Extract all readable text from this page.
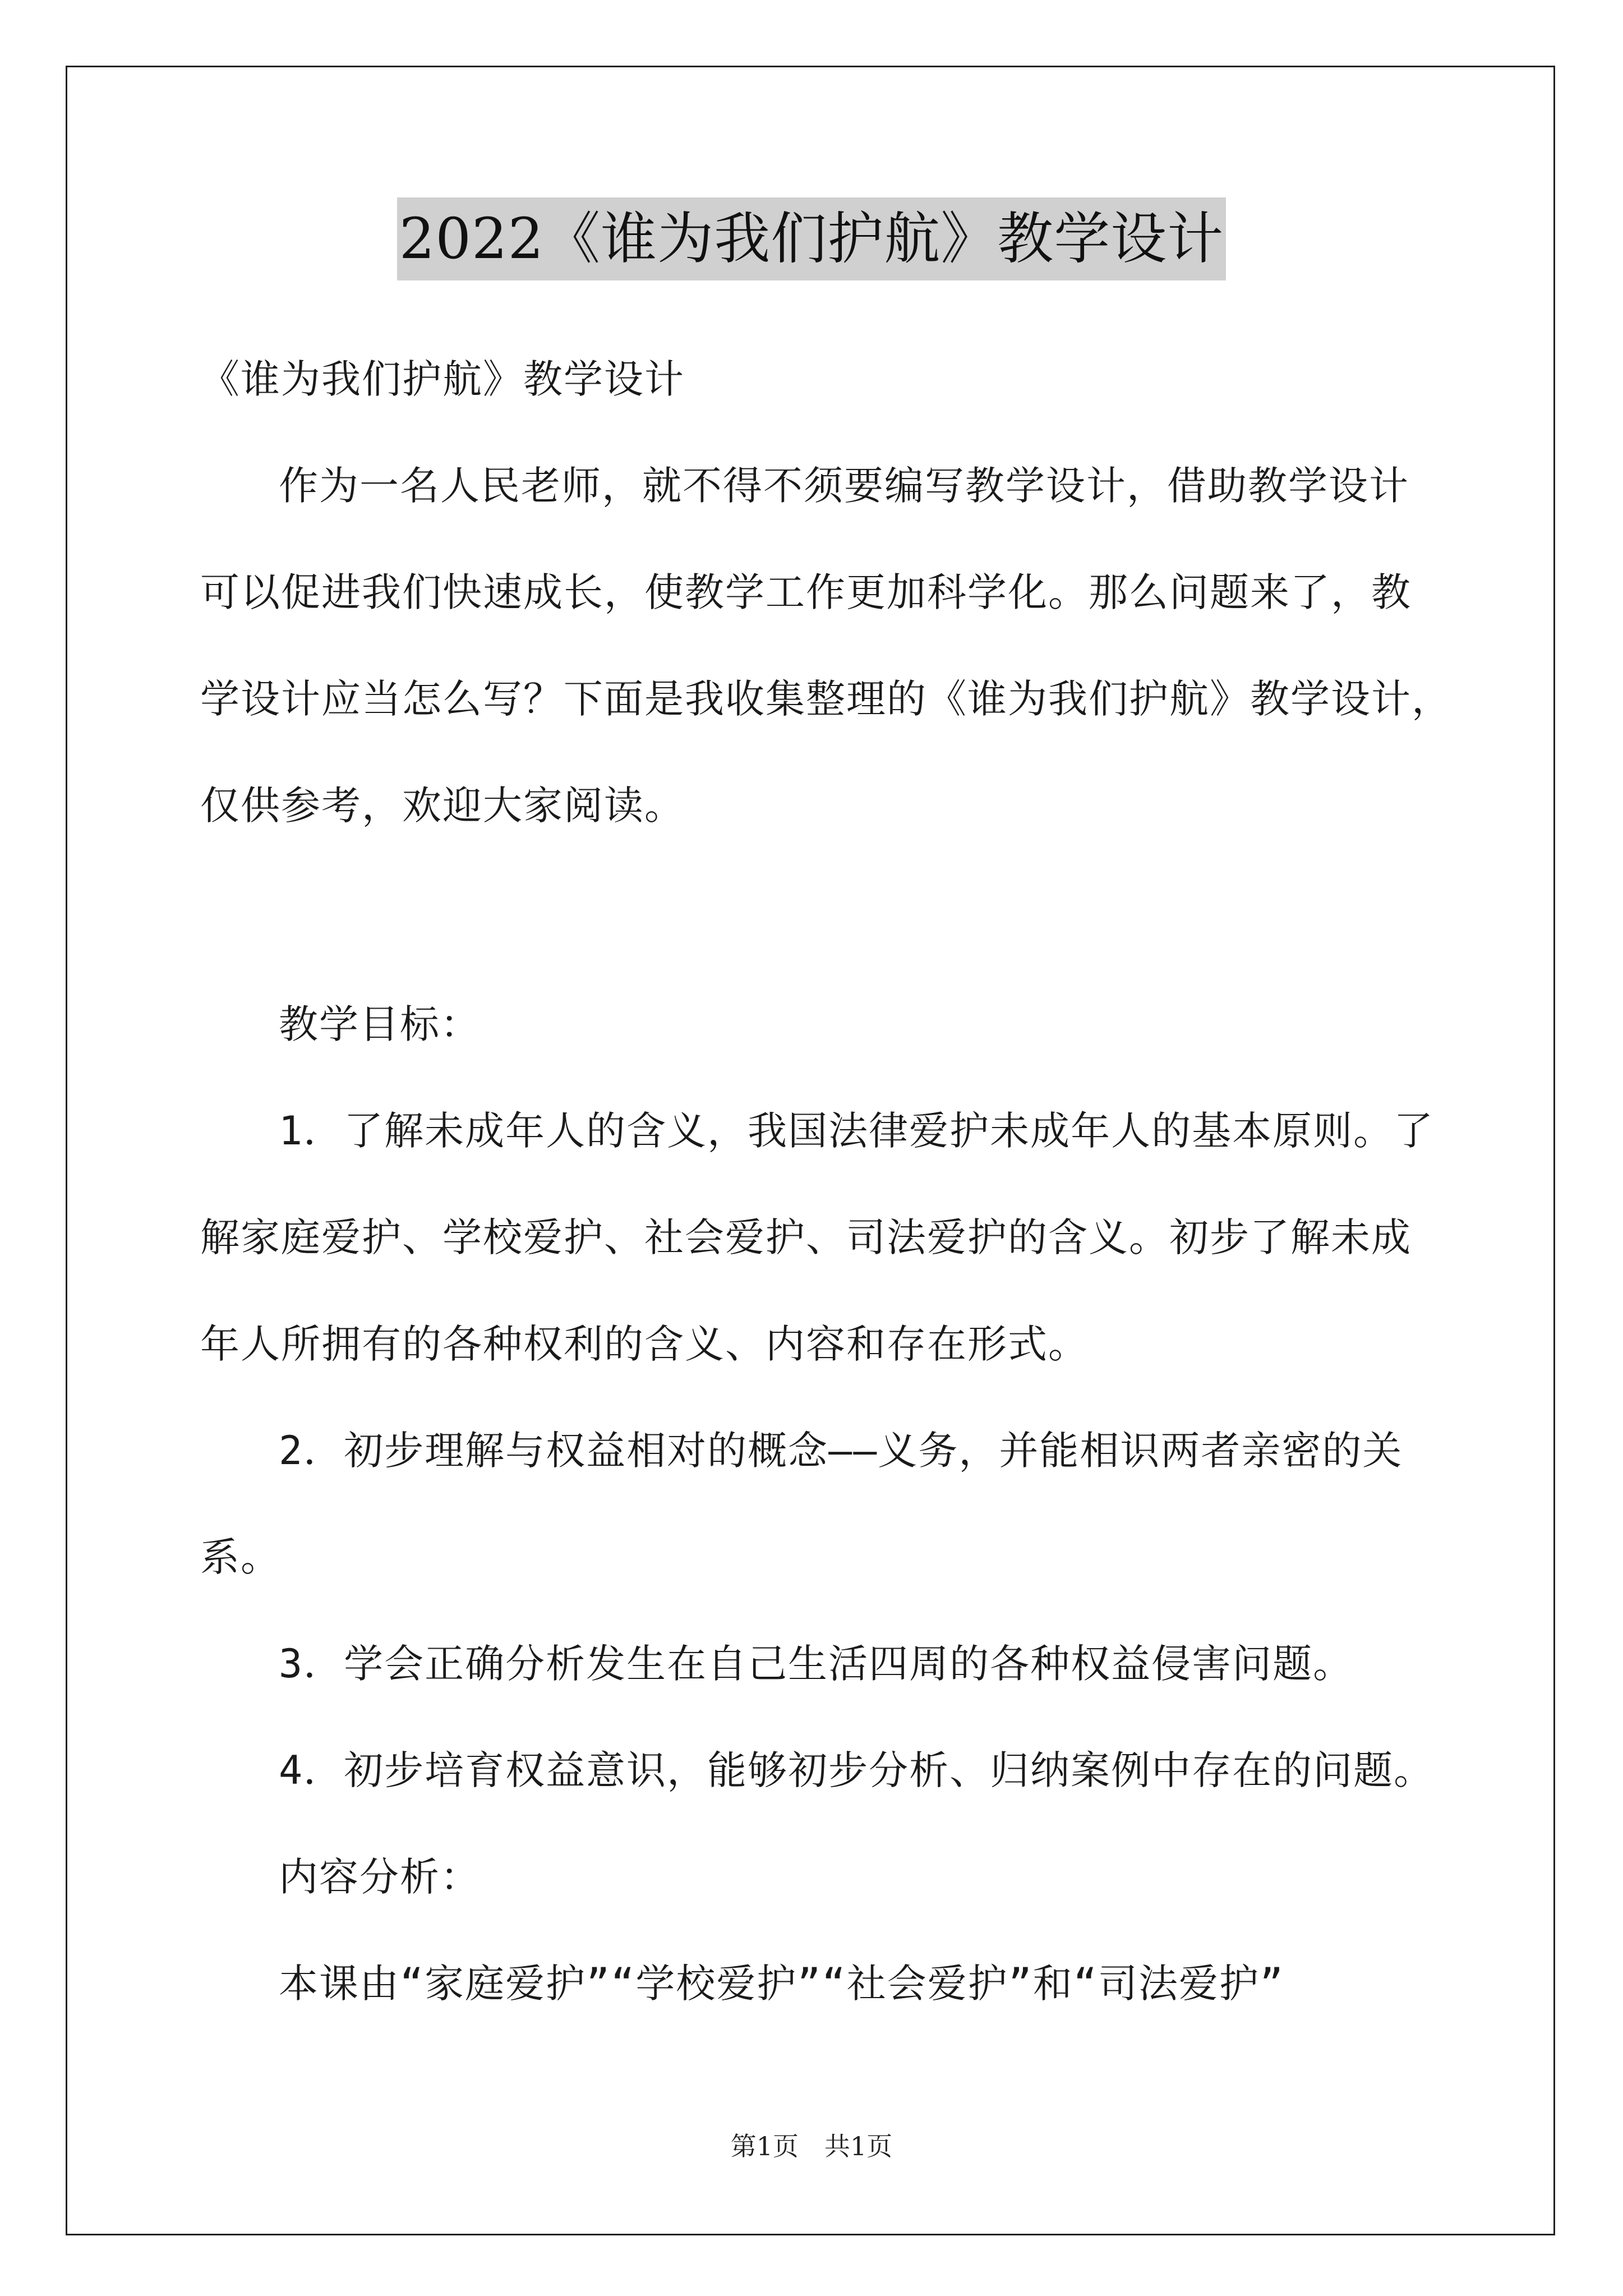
2022《谁为我们护航》教学设计
《谁为我们护航》教学设计
作为一名人民老师，就不得不须要编写教学设计，借助教学设计
可以促进我们快速成长，使教学工作更加科学化。那么问题来了，教
学设计应当怎么写？下面是我收集整理的《谁为我们护航》教学设计，
仅供参考，欢迎大家阅读。
教学目标：
1．了解未成年人的含义，我国法律爱护未成年人的基本原则。了
解家庭爱护、学校爱护、社会爱护、司法爱护的含义。初步了解未成
年人所拥有的各种权利的含义、内容和存在形式。
2．初步理解与权益相对的概念——义务，并能相识两者亲密的关
系。
3．学会正确分析发生在自己生活四周的各种权益侵害问题。
4．初步培育权益意识，能够初步分析、归纳案例中存在的问题。
内容分析：
本课由“家庭爱护”“学校爱护”“社会爱护”和“司法爱护”
第1页　共1页
